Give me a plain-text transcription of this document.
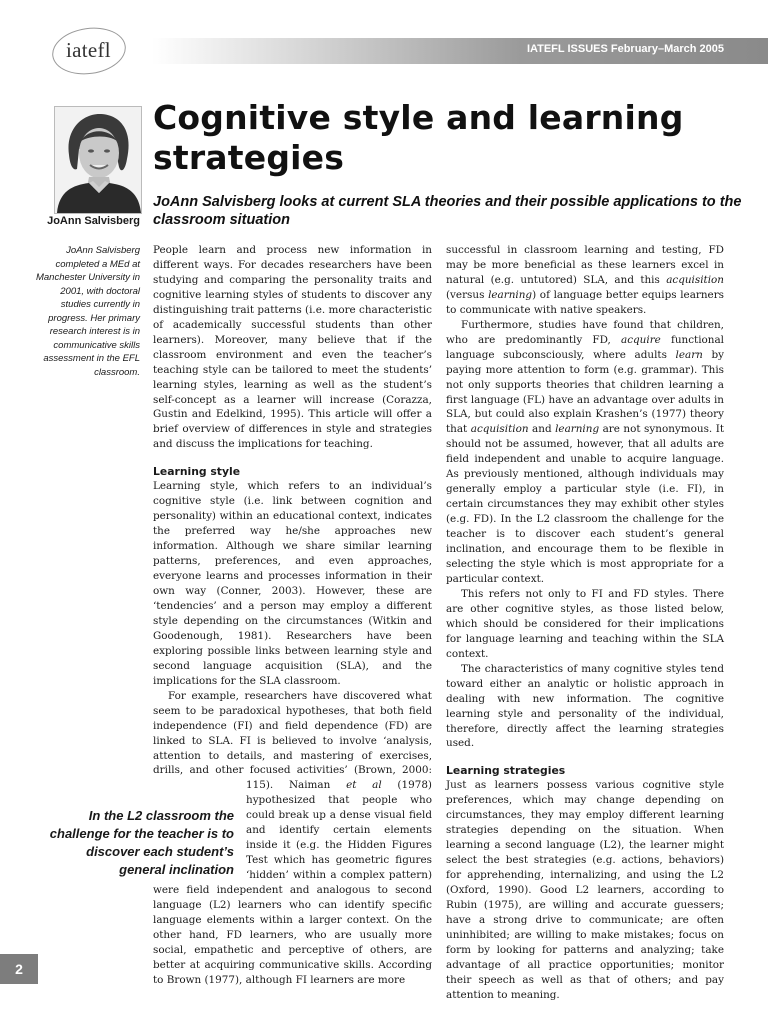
iatefl	IATEFL ISSUES February–March 2005
Cognitive style and learning strategies

JoAnn Salvisberg looks at current SLA theories and their possible applications to the classroom situation

JoAnn Salvisberg
JoAnn Salvisberg completed a MEd at Manchester University in 2001, with doctoral studies currently in progress. Her primary research interest is in communicative skills assessment in the EFL classroom.

People learn and process new information in different ways. For decades researchers have been studying and comparing the personality traits and cognitive learning styles of students to discover any distinguishing trait patterns (i.e. more characteristic of academically successful students than other learners). Moreover, many believe that if the classroom environment and even the teacher’s teaching style can be tailored to meet the students’ learning styles, learning as well as the student’s self-concept as a learner will increase (Corazza, Gustin and Edelkind, 1995). This article will offer a brief overview of differences in style and strategies and discuss the implications for teaching.

Learning style

Learning style, which refers to an individual’s cognitive style (i.e. link between cognition and personality) within an educational context, indicates the preferred way he/she approaches new information. Although we share similar learning patterns, preferences, and even approaches, everyone learns and processes information in their own way (Conner, 2003). However, these are ‘tendencies’ and a person may employ a different style depending on the circumstances (Witkin and Goodenough, 1981). Researchers have been exploring possible links between learning style and second language acquisition (SLA), and the implications for the SLA classroom.

For example, researchers have discovered what seem to be paradoxical hypotheses, that both field independence (FI) and field dependence (FD) are linked to SLA. FI is believed to involve ‘analysis, attention to details, and mastering of exercises, drills, and other focused activities’ (Brown, 2000: 115). Naiman et al
(1978) hypothesized that people who could break up a dense visual field and identify certain elements inside it (e.g. the Hidden Figures Test which has geometric figures ‘hidden’ within a complex pattern) were field independent and analogous to second language (L2) learners who can identify specific language elements within a larger context. On the other hand, FD learners, who are usually more social, empathetic and perceptive of others, are better at acquiring communicative skills. According to Brown (1977), although FI learners are more

In the L2 classroom the challenge for the teacher is to discover each student’s general inclination

successful in classroom learning and testing, FD may be more beneficial as these learners excel in natural (e.g. untutored) SLA, and this acquisition (versus learning) of language better equips learners to communicate with native speakers.

Furthermore, studies have found that children, who are predominantly FD, acquire functional language subconsciously, where adults learn by paying more attention to form (e.g. grammar). This not only supports theories that children learning a first language (FL) have an advantage over adults in SLA, but could also explain Krashen’s (1977) theory that acquisition and learning are not synonymous. It should not be assumed, however, that all adults are field independent and unable to acquire language. As previously mentioned, although individuals may generally employ a particular style (i.e. FI), in certain circumstances they may exhibit other styles (e.g. FD). In the L2 classroom the challenge for the teacher is to discover each student’s general inclination, and encourage them to be flexible in selecting the style which is most appropriate for a particular context.

This refers not only to FI and FD styles. There are other cognitive styles, as those listed below, which should be considered for their implications for language learning and teaching within the SLA context.

The characteristics of many cognitive styles tend toward either an analytic or holistic approach in dealing with new information. The cognitive learning style and personality of the individual, therefore, directly affect the learning strategies used.

Learning strategies

Just as learners possess various cognitive style preferences, which may change depending on circumstances, they may employ different learning strategies depending on the situation. When learning a second language (L2), the learner might select the best strategies (e.g. actions, behaviors) for apprehending, internalizing, and using the L2 (Oxford, 1990). Good L2 learners, according to Rubin (1975), are willing and accurate guessers; have a strong drive to communicate; are often uninhibited; are willing to make mistakes; focus on form by looking for patterns and analyzing; take advantage of all practice opportunities; monitor their speech as well as that of others; and pay attention to meaning.

2
